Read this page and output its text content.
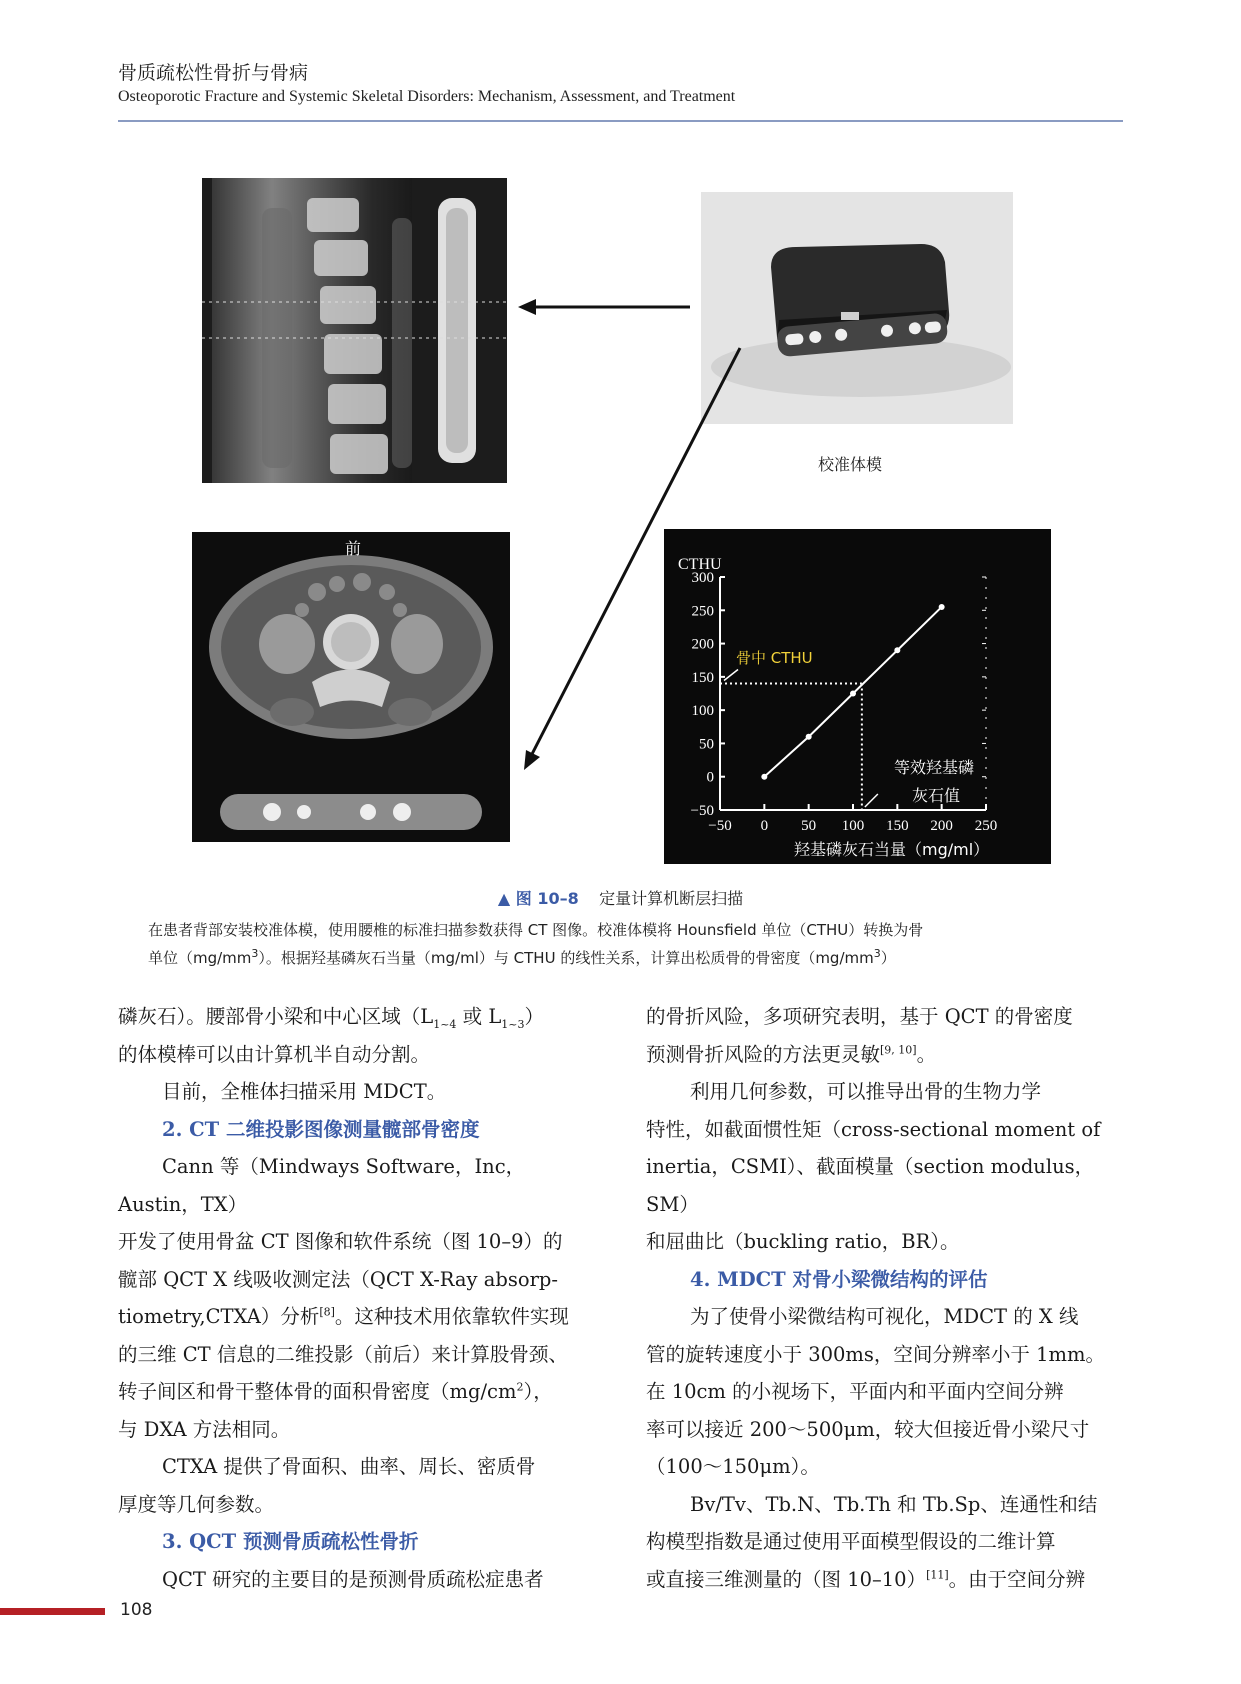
骨质疏松性骨折与骨病
Osteoporotic Fracture and Systemic Skeletal Disorders: Mechanism, Assessment, and Treatment
校准体模
前
CTHU
300
250
200
150
100
50
0
−50
−50 0 50 100 150 200 250
骨中 CTHU
等效羟基磷
灰石值
羟基磷灰石当量（mg/ml）
▲ 图 10–8 定量计算机断层扫描
在患者背部安装校准体模，使用腰椎的标准扫描参数获得 CT 图像。校准体模将 Hounsfield 单位（CTHU）转换为骨
单位$(mg/mm^3)$。根据羟基磷灰石当量（mg/ml）与 CTHU 的线性关系，计算出松质骨的骨密度$(mg/mm^3)$

磷灰石）。腰部骨小梁和中心区域（$L_{1\sim 4}$ 或 $L_{1\sim 3}$）

的体模棒可以由计算机半自动分割。

目前，全椎体扫描采用 MDCT。

2. CT 二维投影图像测量髋部骨密度

Cann 等（Mindways Software，Inc，Austin，TX）

开发了使用骨盆 CT 图像和软件系统（图 10–9）的

髋部 QCT X 线吸收测定法（QCT X-Ray absorp-

tiometry,CTXA）分析[8]。这种技术用依靠软件实现

的三维 CT 信息的二维投影（前后）来计算股骨颈、

转子间区和骨干整体骨的面积骨密度$(mg/cm^2)$，

与 DXA 方法相同。

CTXA 提供了骨面积、曲率、周长、密质骨

厚度等几何参数。

3. QCT 预测骨质疏松性骨折

QCT 研究的主要目的是预测骨质疏松症患者

的骨折风险，多项研究表明，基于 QCT 的骨密度

预测骨折风险的方法更灵敏[9, 10]。

利用几何参数，可以推导出骨的生物力学

特性，如截面惯性矩（cross-sectional moment of

inertia，CSMI）、截面模量（section modulus，SM）

和屈曲比（buckling ratio，BR）。

4. MDCT 对骨小梁微结构的评估

为了使骨小梁微结构可视化，MDCT 的 X 线

管的旋转速度小于 300ms，空间分辨率小于 1mm。

在 10cm 的小视场下，平面内和平面内空间分辨

率可以接近 200～500μm，较大但接近骨小梁尺寸

（100～150μm）。

Bv/Tv、Tb.N、Tb.Th 和 Tb.Sp、连通性和结

构模型指数是通过使用平面模型假设的二维计算

或直接三维测量的（图 10–10）[11]。由于空间分辨

108
